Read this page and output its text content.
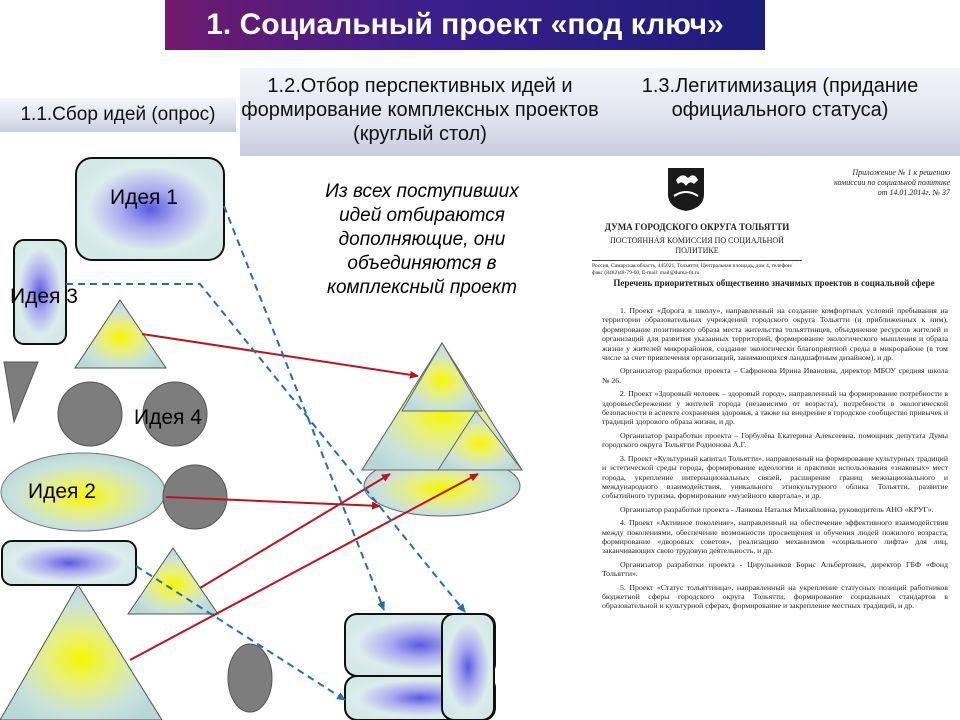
1. Социальный проект «под ключ»
1.1.Сбор идей (опрос)
1.2.Отбор перспективных идей и формирование комплексных проектов (круглый стол)
1.3.Легитимизация (придание официального статуса)
Идея 1
Идея 3
Идея 4
Идея 2
Из всех поступивших идей отбираются дополняющие, они объединяются в комплексный проект
Приложение № 1 к решению комиссии по социальной политике от 14.01.2014г. № 37
ДУМА ГОРОДСКОГО ОКРУГА ТОЛЬЯТТИ
ПОСТОЯННАЯ КОМИССИЯ ПО СОЦИАЛЬНОЙ ПОЛИТИКЕ
Россия, Самарская область, 445021, Тольятти, Центральная площадь, дом 4, телефон/факс (8482)48-79-60, E-mail: mail@duma-tlt.ru
Перечень приоритетных общественно значимых проектов в социальной сфере

1. Проект «Дорога в школу», направленный на создание комфортных условий пребывания на территории образовательных учреждений городского округа Тольятти (и приближенных к ним), формирование позитивного образа места жительства тольяттинцев, объединение ресурсов жителей и организаций для развития указанных территорий, формирование экологического мышления и образа жизни у жителей микрорайонов, создание экологически благоприятной среды в микрорайоне (в том числе за счет привлечения организаций, занимающихся ландшафтным дизайном), и др.

Организатор разработки проекта – Сафронова Ирина Ивановна, директор МБОУ средняя школа № 26.

2. Проект «Здоровый человек – здоровый город», направленный на формирование потребности в здоровьесбережении у жителей города (независимо от возраста), потребности в экологической безопасности в аспекте сохранения здоровья, а также на внедрение в городское сообщество привычек и традиций здорового образа жизни, и др.

Организатор разработки проекта – Горбулёва Екатерина Алексеевна, помощник депутата Думы городского округа Тольятти Родионова А.Г.

3. Проект «Культурный капитал Тольятти», направленный на формирование культурных традиций и эстетической среды города, формирование идеологии и практики использования «знаковых» мест города, укрепление интернациональных связей, расширение границ межнационального и международного взаимодействия, уникального этнокультурного облика Тольятти, развитие событийного туризма, формирование «музейного квартала», и др.

Организатор разработки проекта - Ланкова Наталья Михайловна, руководитель АНО «КРУГ».

4. Проект «Активное поколение», направленный на обеспечение эффективного взаимодействия между поколениями, обеспечение возможности просвещения и обучения людей пожилого возраста, формирование «дворовых советов», реализацию механизмов «социального лифта» для лиц, заканчивающих свою трудовую деятельность, и др.

Организатор разработки проекта - Цирульников Борис Альбертович, директор ГБФ «Фонд Тольятти».

5. Проект «Статус тольяттинца», направленный на укрепление статусных позиций работников бюджетной сферы городского округа Тольятти, формирование социальных стандартов в образовательной и культурной сферах, формирование и закрепление местных традиций, и др.
